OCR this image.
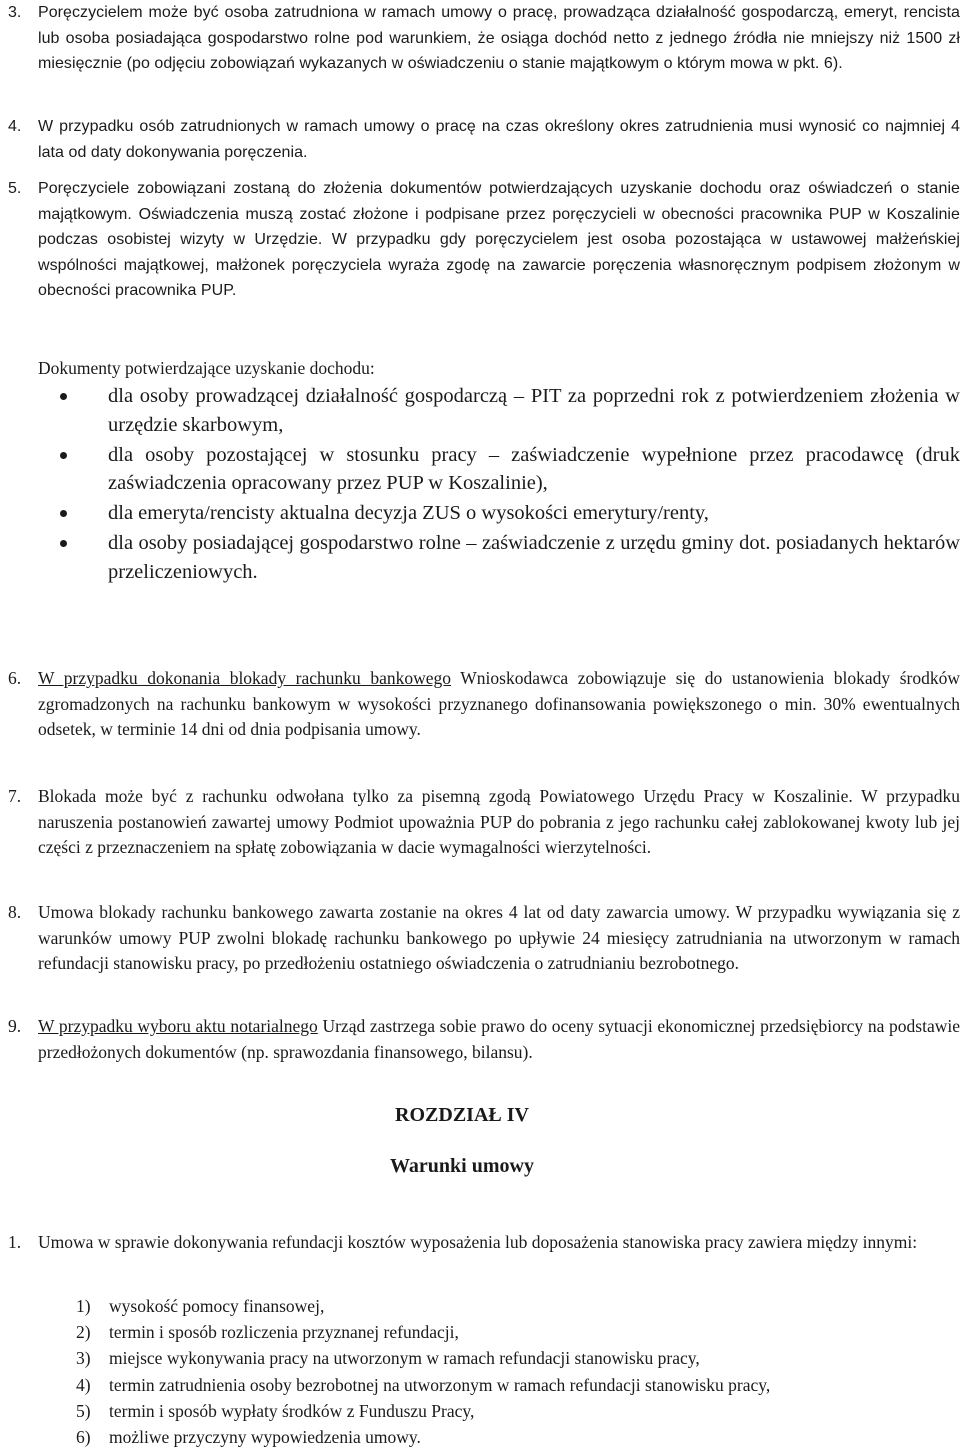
3. Poręczycielem może być osoba zatrudniona w ramach umowy o pracę, prowadząca działalność gospodarczą, emeryt, rencista lub osoba posiadająca gospodarstwo rolne pod warunkiem, że osiąga dochód netto z jednego źródła nie mniejszy niż 1500 zł miesięcznie (po odjęciu zobowiązań wykazanych w oświadczeniu o stanie majątkowym o którym mowa w pkt. 6).
4. W przypadku osób zatrudnionych w ramach umowy o pracę na czas określony okres zatrudnienia musi wynosić co najmniej 4 lata od daty dokonywania poręczenia.
5. Poręczyciele zobowiązani zostaną do złożenia dokumentów potwierdzających uzyskanie dochodu oraz oświadczeń o stanie majątkowym. Oświadczenia muszą zostać złożone i podpisane przez poręczycieli w obecności pracownika PUP w Koszalinie podczas osobistej wizyty w Urzędzie. W przypadku gdy poręczycielem jest osoba pozostająca w ustawowej małżeńskiej wspólności majątkowej, małżonek poręczyciela wyraża zgodę na zawarcie poręczenia własnoręcznym podpisem złożonym w obecności pracownika PUP.
Dokumenty potwierdzające uzyskanie dochodu:
dla osoby prowadzącej działalność gospodarczą – PIT za poprzedni rok z potwierdzeniem złożenia w urzędzie skarbowym,
dla osoby pozostającej w stosunku pracy – zaświadczenie wypełnione przez pracodawcę (druk zaświadczenia opracowany przez PUP w Koszalinie),
dla emeryta/rencisty aktualna decyzja ZUS o wysokości emerytury/renty,
dla osoby posiadającej gospodarstwo rolne – zaświadczenie z urzędu gminy dot. posiadanych hektarów przeliczeniowych.
6. W przypadku dokonania blokady rachunku bankowego Wnioskodawca zobowiązuje się do ustanowienia blokady środków zgromadzonych na rachunku bankowym w wysokości przyznanego dofinansowania powiększonego o min. 30% ewentualnych odsetek, w terminie 14 dni od dnia podpisania umowy.
7. Blokada może być z rachunku odwołana tylko za pisemną zgodą Powiatowego Urzędu Pracy w Koszalinie. W przypadku naruszenia postanowień zawartej umowy Podmiot upoważnia PUP do pobrania z jego rachunku całej zablokowanej kwoty lub jej części z przeznaczeniem na spłatę zobowiązania w dacie wymagalności wierzytelności.
8. Umowa blokady rachunku bankowego zawarta zostanie na okres 4 lat od daty zawarcia umowy. W przypadku wywiązania się z warunków umowy PUP zwolni blokadę rachunku bankowego po upływie 24 miesięcy zatrudniania na utworzonym w ramach refundacji stanowisku pracy, po przedłożeniu ostatniego oświadczenia o zatrudnianiu bezrobotnego.
9. W przypadku wyboru aktu notarialnego Urząd zastrzega sobie prawo do oceny sytuacji ekonomicznej przedsiębiorcy na podstawie przedłożonych dokumentów (np. sprawozdania finansowego, bilansu).
ROZDZIAŁ IV
Warunki umowy
1. Umowa w sprawie dokonywania refundacji kosztów wyposażenia lub doposażenia stanowiska pracy zawiera między innymi:
1) wysokość pomocy finansowej,
2) termin i sposób rozliczenia przyznanej refundacji,
3) miejsce wykonywania pracy na utworzonym w ramach refundacji stanowisku pracy,
4) termin zatrudnienia osoby bezrobotnej na utworzonym w ramach refundacji stanowisku pracy,
5) termin i sposób wypłaty środków z Funduszu Pracy,
6) możliwe przyczyny wypowiedzenia umowy.
